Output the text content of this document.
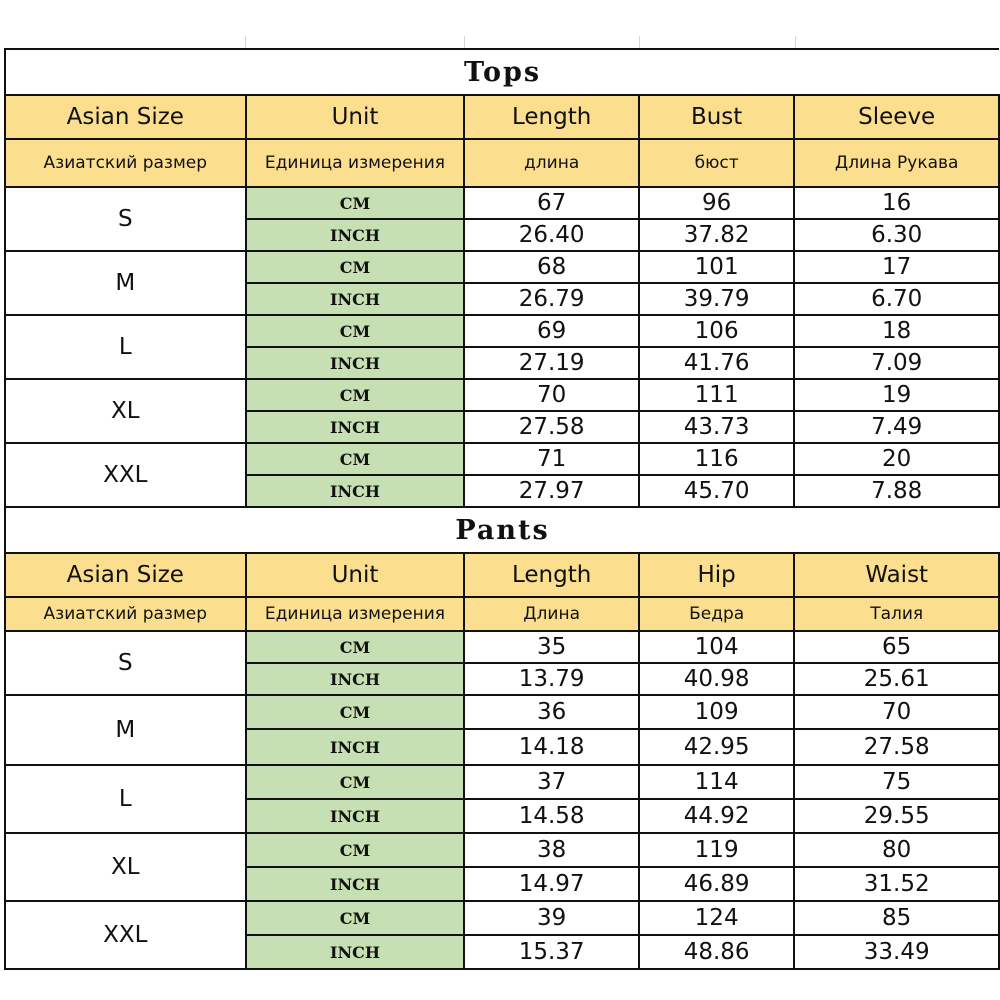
Tops				
Asian Size	Unit	Length	Bust	Sleeve
Азиатский размер	Единица измерения	длина	бюст	Длина Рукава
S	CM	67	96	16
	INCH	26.40	37.82	6.30
M	CM	68	101	17
	INCH	26.79	39.79	6.70
L	CM	69	106	18
	INCH	27.19	41.76	7.09
XL	CM	70	111	19
	INCH	27.58	43.73	7.49
XXL	CM	71	116	20
	INCH	27.97	45.70	7.88
Pants				
Asian Size	Unit	Length	Hip	Waist
Азиатский размер	Единица измерения	Длина	Бедра	Талия
S	CM	35	104	65
	INCH	13.79	40.98	25.61
M	CM	36	109	70
	INCH	14.18	42.95	27.58
L	CM	37	114	75
	INCH	14.58	44.92	29.55
XL	CM	38	119	80
	INCH	14.97	46.89	31.52
XXL	CM	39	124	85
	INCH	15.37	48.86	33.49
